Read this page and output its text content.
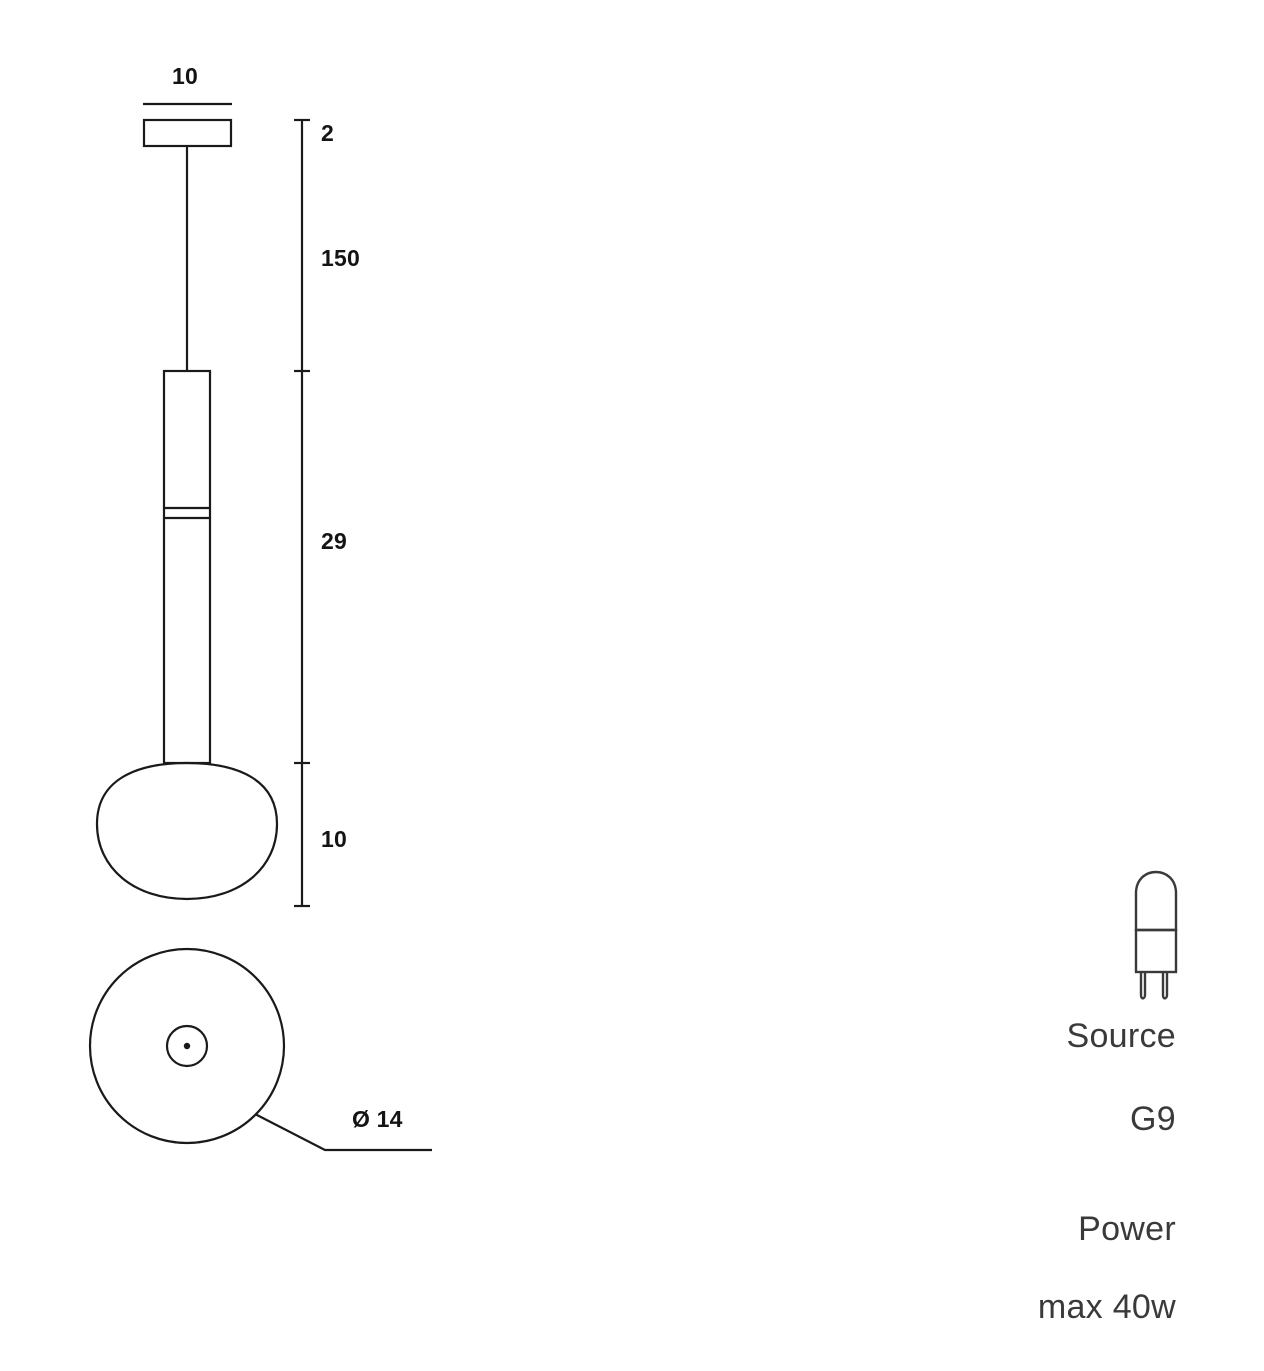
10
2
150
29
10
Ø 14
Source
G9
Power
max 40w
